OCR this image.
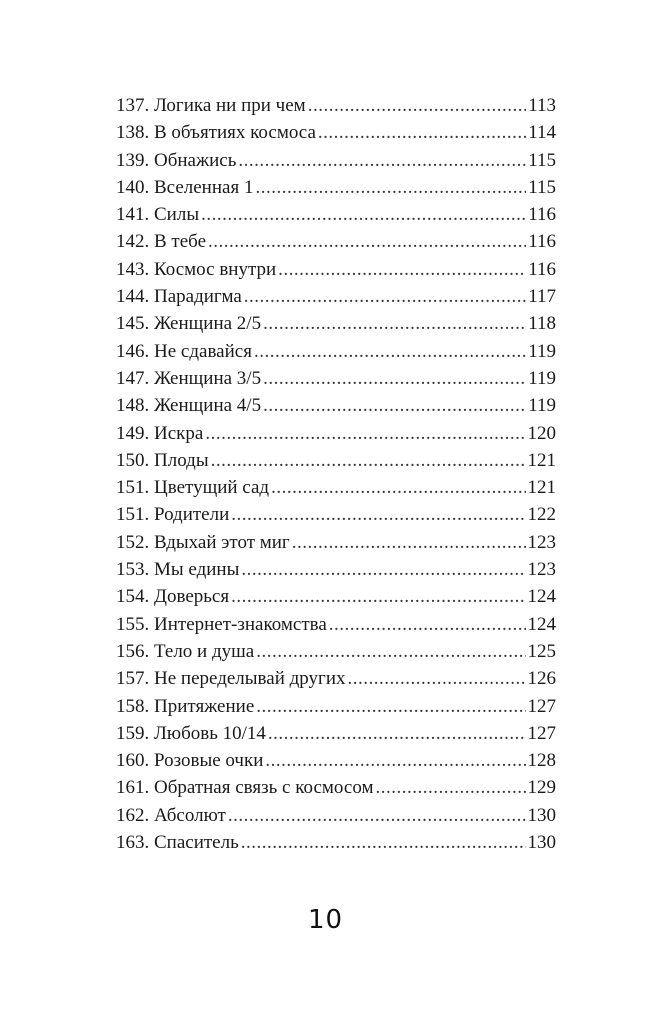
137. Логика ни при чем .....	113
138. В объятиях космоса .....	114
139. Обнажись .....	115
140. Вселенная 1 .....	115
141. Силы .....	116
142. В тебе .....	116
143. Космос внутри .....	116
144. Парадигма .....	117
145. Женщина 2/5 .....	118
146. Не сдавайся .....	119
147. Женщина 3/5 .....	119
148. Женщина 4/5 .....	119
149. Искра .....	120
150. Плоды .....	121
151. Цветущий сад .....	121
151. Родители .....	122
152. Вдыхай этот миг .....	123
153. Мы едины .....	123
154. Доверься .....	124
155. Интернет-знакомства .....	124
156. Тело и душа .....	125
157. Не переделывай других .....	126
158. Притяжение .....	127
159. Любовь 10/14 .....	127
160. Розовые очки .....	128
161. Обратная связь с космосом .....	129
162. Абсолют .....	130
163. Спаситель .....	130
10
